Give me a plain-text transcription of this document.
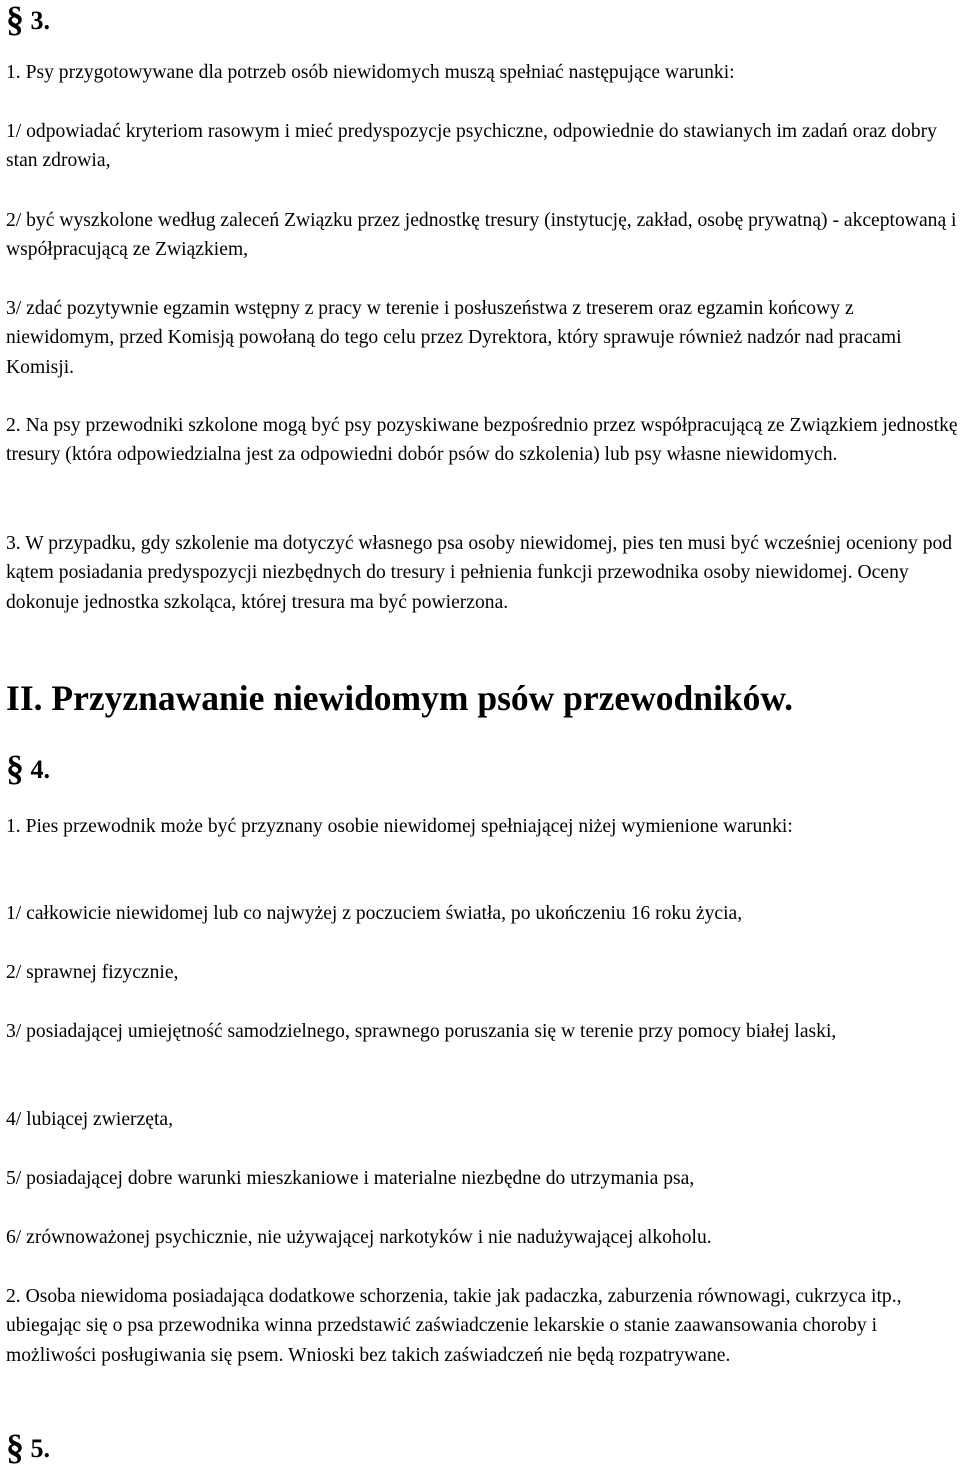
§ 3.

1. Psy przygotowywane dla potrzeb osób niewidomych muszą spełniać następujące warunki:

1/ odpowiadać kryteriom rasowym i mieć predyspozycje psychiczne, odpowiednie do stawianych im zadań oraz dobry stan zdrowia,

2/ być wyszkolone według zaleceń Związku przez jednostkę tresury (instytucję, zakład, osobę prywatną) - akceptowaną i współpracującą ze Związkiem,

3/ zdać pozytywnie egzamin wstępny z pracy w terenie i posłuszeństwa z treserem oraz egzamin końcowy z niewidomym, przed Komisją powołaną do tego celu przez Dyrektora, który sprawuje również nadzór nad pracami Komisji.

2. Na psy przewodniki szkolone mogą być psy pozyskiwane bezpośrednio przez współpracującą ze Związkiem jednostkę tresury (która odpowiedzialna jest za odpowiedni dobór psów do szkolenia) lub psy własne niewidomych.

3. W przypadku, gdy szkolenie ma dotyczyć własnego psa osoby niewidomej, pies ten musi być wcześniej oceniony pod kątem posiadania predyspozycji niezbędnych do tresury i pełnienia funkcji przewodnika osoby niewidomej. Oceny dokonuje jednostka szkoląca, której tresura ma być powierzona.

II. Przyznawanie niewidomym psów przewodników.
§ 4.

1. Pies przewodnik może być przyznany osobie niewidomej spełniającej niżej wymienione warunki:

1/ całkowicie niewidomej lub co najwyżej z poczuciem światła, po ukończeniu 16 roku życia,

2/ sprawnej fizycznie,

3/ posiadającej umiejętność samodzielnego, sprawnego poruszania się w terenie przy pomocy białej laski,

4/ lubiącej zwierzęta,

5/ posiadającej dobre warunki mieszkaniowe i materialne niezbędne do utrzymania psa,

6/ zrównoważonej psychicznie, nie używającej narkotyków i nie nadużywającej alkoholu.

2. Osoba niewidoma posiadająca dodatkowe schorzenia, takie jak padaczka, zaburzenia równowagi, cukrzyca itp., ubiegając się o psa przewodnika winna przedstawić zaświadczenie lekarskie o stanie zaawansowania choroby i możliwości posługiwania się psem. Wnioski bez takich zaświadczeń nie będą rozpatrywane.

§ 5.
